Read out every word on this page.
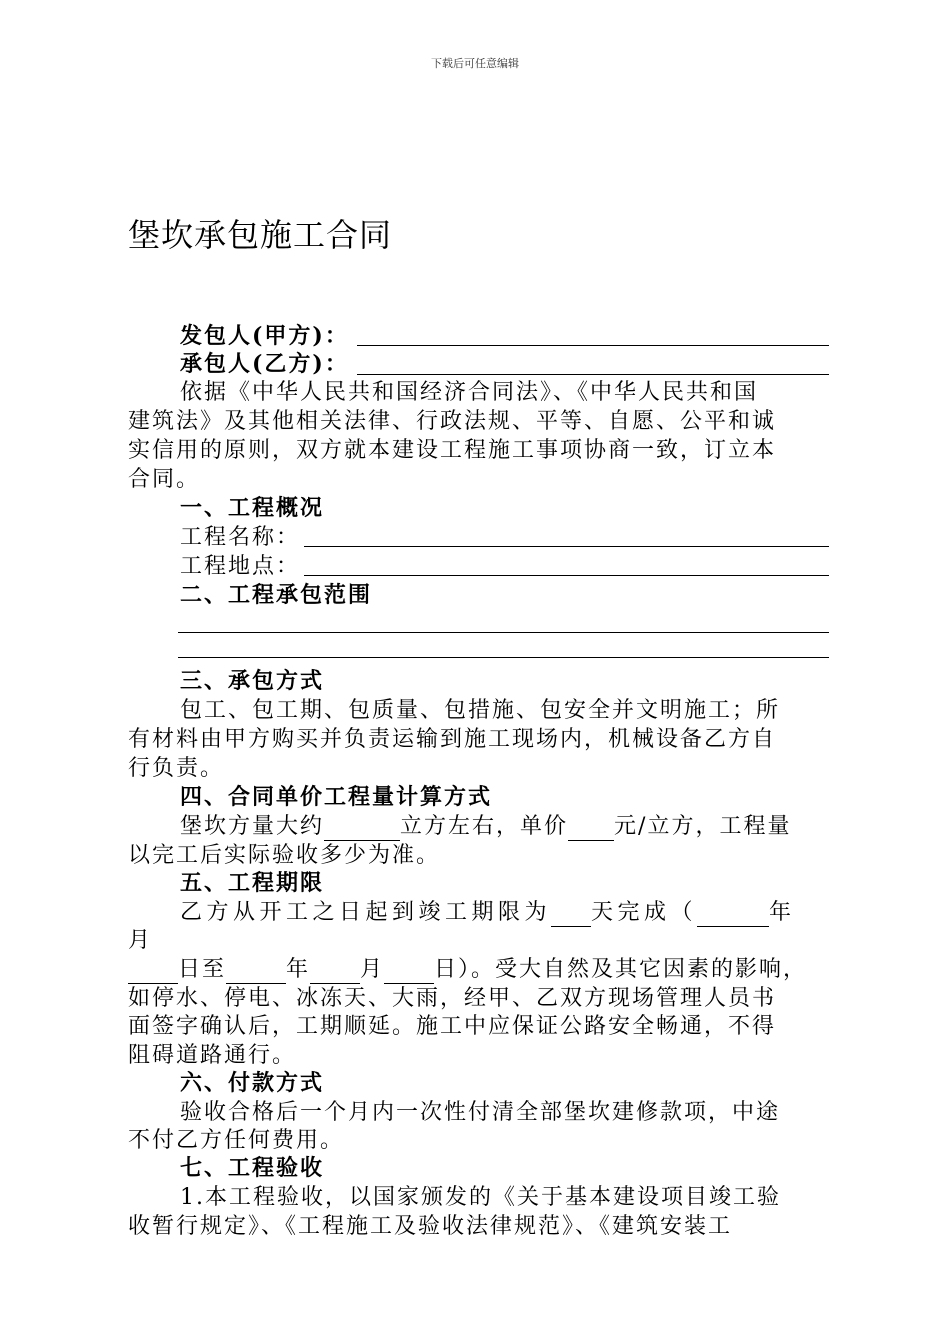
下载后可任意编辑
堡坎承包施工合同
发包人(甲方)：
承包人(乙方)：
依据《中华人民共和国经济合同法》、《中华人民共和国
建筑法》及其他相关法律、行政法规、平等、自愿、公平和诚
实信用的原则，双方就本建设工程施工事项协商一致，订立本
合同。
一、工程概况
工程名称：
工程地点：
二、工程承包范围
三、承包方式
包工、包工期、包质量、包措施、包安全并文明施工；所
有材料由甲方购买并负责运输到施工现场内，机械设备乙方自
行负责。
四、合同单价工程量计算方式
堡坎方量大约	立方左右，单价 元/立方，工程量
以完工后实际验收多少为准。
五、工程期限
乙方从开工之日起到竣工期限为 天完成（	年
月
日至	年 月 日）。受大自然及其它因素的影响，
如停水、停电、冰冻天、大雨，经甲、乙双方现场管理人员书
面签字确认后，工期顺延。施工中应保证公路安全畅通，不得
阻碍道路通行。
六、付款方式
验收合格后一个月内一次性付清全部堡坎建修款项，中途
不付乙方任何费用。
七、工程验收
1.本工程验收，以国家颁发的《关于基本建设项目竣工验
收暂行规定》、《工程施工及验收法律规范》、《建筑安装工
